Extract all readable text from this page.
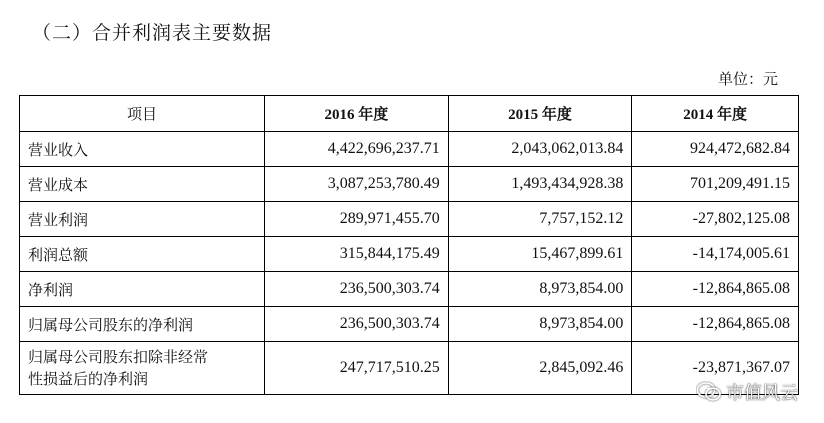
（二）合并利润表主要数据
单位：元
项目	2016 年度	2015 年度	2014 年度
营业收入	4,422,696,237.71	2,043,062,013.84	924,472,682.84
营业成本	3,087,253,780.49	1,493,434,928.38	701,209,491.15
营业利润	289,971,455.70	7,757,152.12	-27,802,125.08
利润总额	315,844,175.49	15,467,899.61	-14,174,005.61
净利润	236,500,303.74	8,973,854.00	-12,864,865.08
归属母公司股东的净利润	236,500,303.74	8,973,854.00	-12,864,865.08
归属母公司股东扣除非经常
性损益后的净利润	247,717,510.25	2,845,092.46	-23,871,367.07
市值风云
